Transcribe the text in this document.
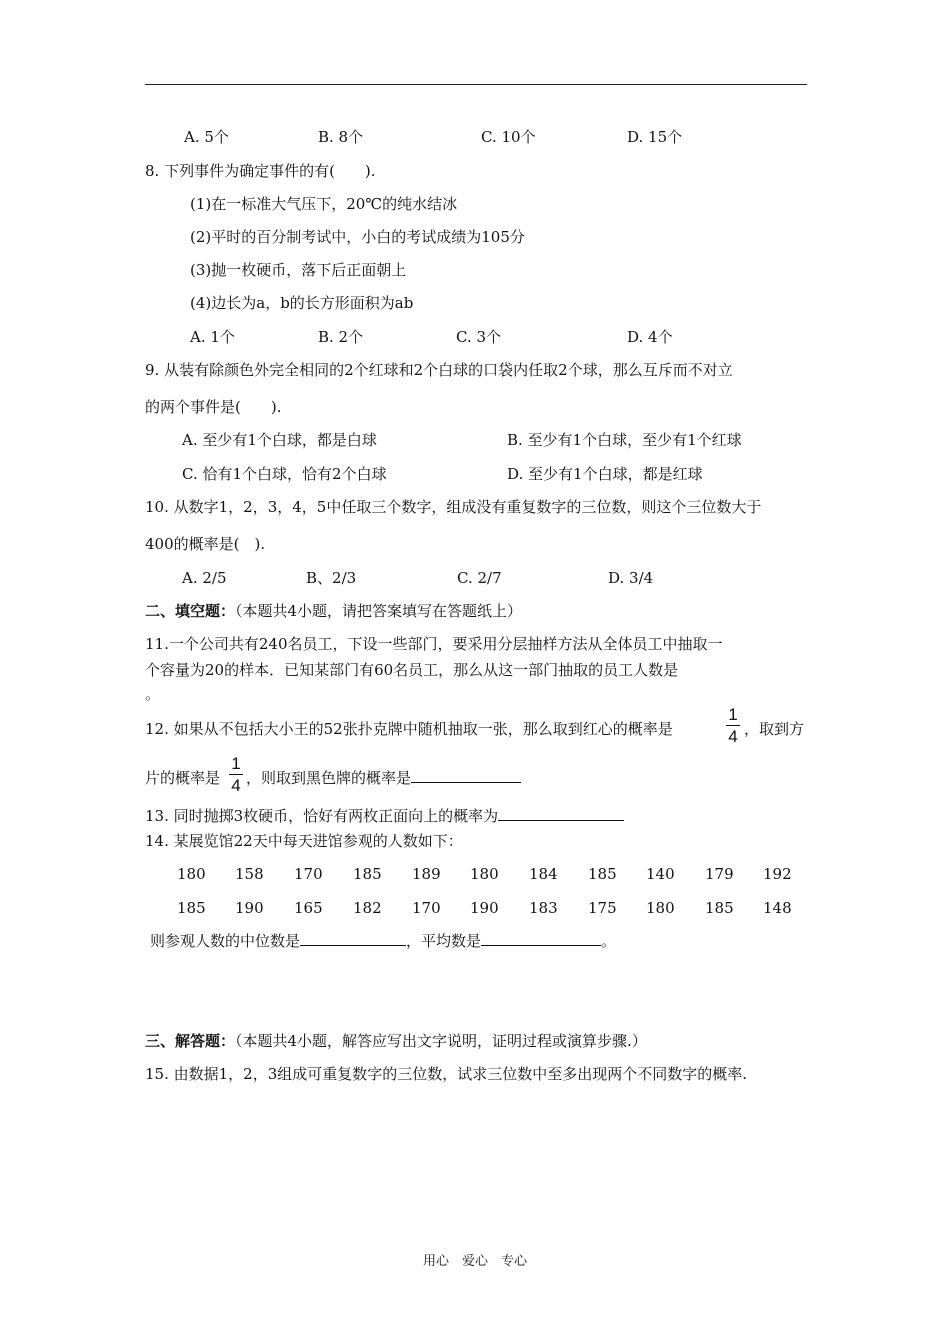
A. 5个	B. 8个	C. 10个	D. 15个
8. 下列事件为确定事件的有(　　).
(1)在一标准大气压下，20℃的纯水结冰
(2)平时的百分制考试中，小白的考试成绩为105分
(3)抛一枚硬币，落下后正面朝上
(4)边长为a，b的长方形面积为ab
A. 1个	B. 2个	C. 3个	D. 4个
9. 从装有除颜色外完全相同的2个红球和2个白球的口袋内任取2个球，那么互斥而不对立
的两个事件是(　　).
A. 至少有1个白球，都是白球	B. 至少有1个白球，至少有1个红球
C. 恰有1个白球，恰有2个白球	D. 至少有1个白球，都是红球
10. 从数字1，2，3，4，5中任取三个数字，组成没有重复数字的三位数，则这个三位数大于
400的概率是(　).
A. 2/5	B、2/3	C. 2/7	D. 3/4
二、填空题：（本题共4小题，请把答案填写在答题纸上）
11.一个公司共有240名员工，下设一些部门，要采用分层抽样方法从全体员工中抽取一
个容量为20的样本．已知某部门有60名员工，那么从这一部门抽取的员工人数是
。
12. 如果从不包括大小王的52张扑克牌中随机抽取一张，那么取到红心的概率是
1
4 ，取到方
片的概率是
1
4 ，则取到黑色牌的概率是
13. 同时抛掷3枚硬币，恰好有两枚正面向上的概率为
14. 某展览馆22天中每天进馆参观的人数如下：
180 158 170 185 189 180 184 185 140 179 192
185 190 165 182 170 190 183 175 180 185 148
则参观人数的中位数是	，平均数是	。
三、解答题：（本题共4小题，解答应写出文字说明，证明过程或演算步骤.）
15. 由数据1，2，3组成可重复数字的三位数，试求三位数中至多出现两个不同数字的概率.
用心　爱心　专心
